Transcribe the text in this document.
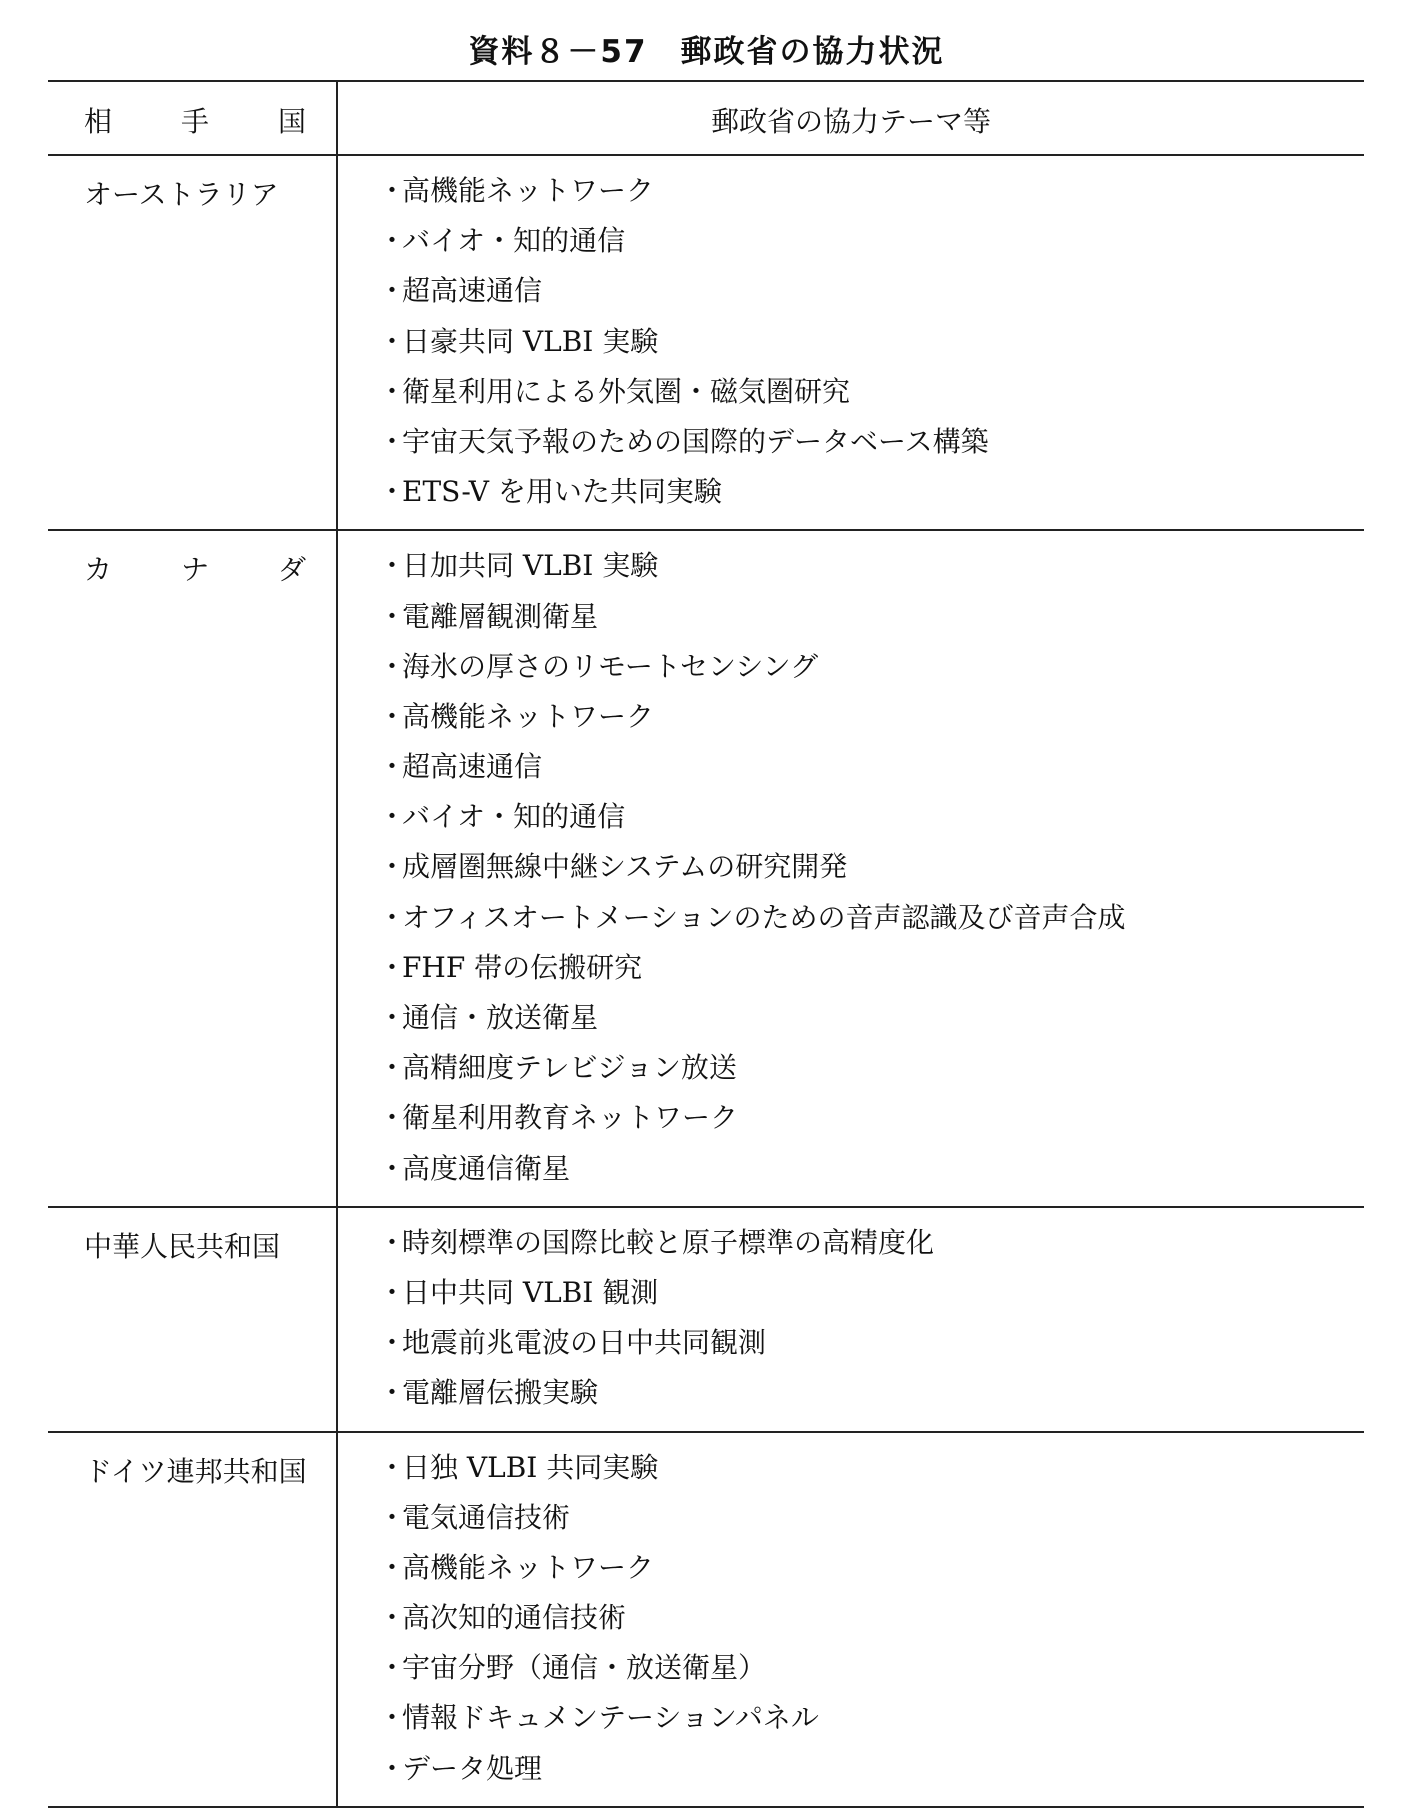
資料８－57　郵政省の協力状況
相 手 国	郵政省の協力テーマ等
オーストラリア	・ 高機能ネットワーク
・ バイオ・知的通信
・ 超高速通信
・ 日豪共同 VLBI 実験
・ 衛星利用による外気圏・磁気圏研究
・ 宇宙天気予報のための国際的データベース構築
・ ETS-V を用いた共同実験
カ ナ ダ	・ 日加共同 VLBI 実験
・ 電離層観測衛星
・ 海氷の厚さのリモートセンシング
・ 高機能ネットワーク
・ 超高速通信
・ バイオ・知的通信
・ 成層圏無線中継システムの研究開発
・ オフィスオートメーションのための音声認識及び音声合成
・ FHF 帯の伝搬研究
・ 通信・放送衛星
・ 高精細度テレビジョン放送
・ 衛星利用教育ネットワーク
・ 高度通信衛星
中華人民共和国	・ 時刻標準の国際比較と原子標準の高精度化
・ 日中共同 VLBI 観測
・ 地震前兆電波の日中共同観測
・ 電離層伝搬実験
ドイツ連邦共和国	・ 日独 VLBI 共同実験
・ 電気通信技術
・ 高機能ネットワーク
・ 高次知的通信技術
・ 宇宙分野（通信・放送衛星）
・ 情報ドキュメンテーションパネル
・ データ処理
